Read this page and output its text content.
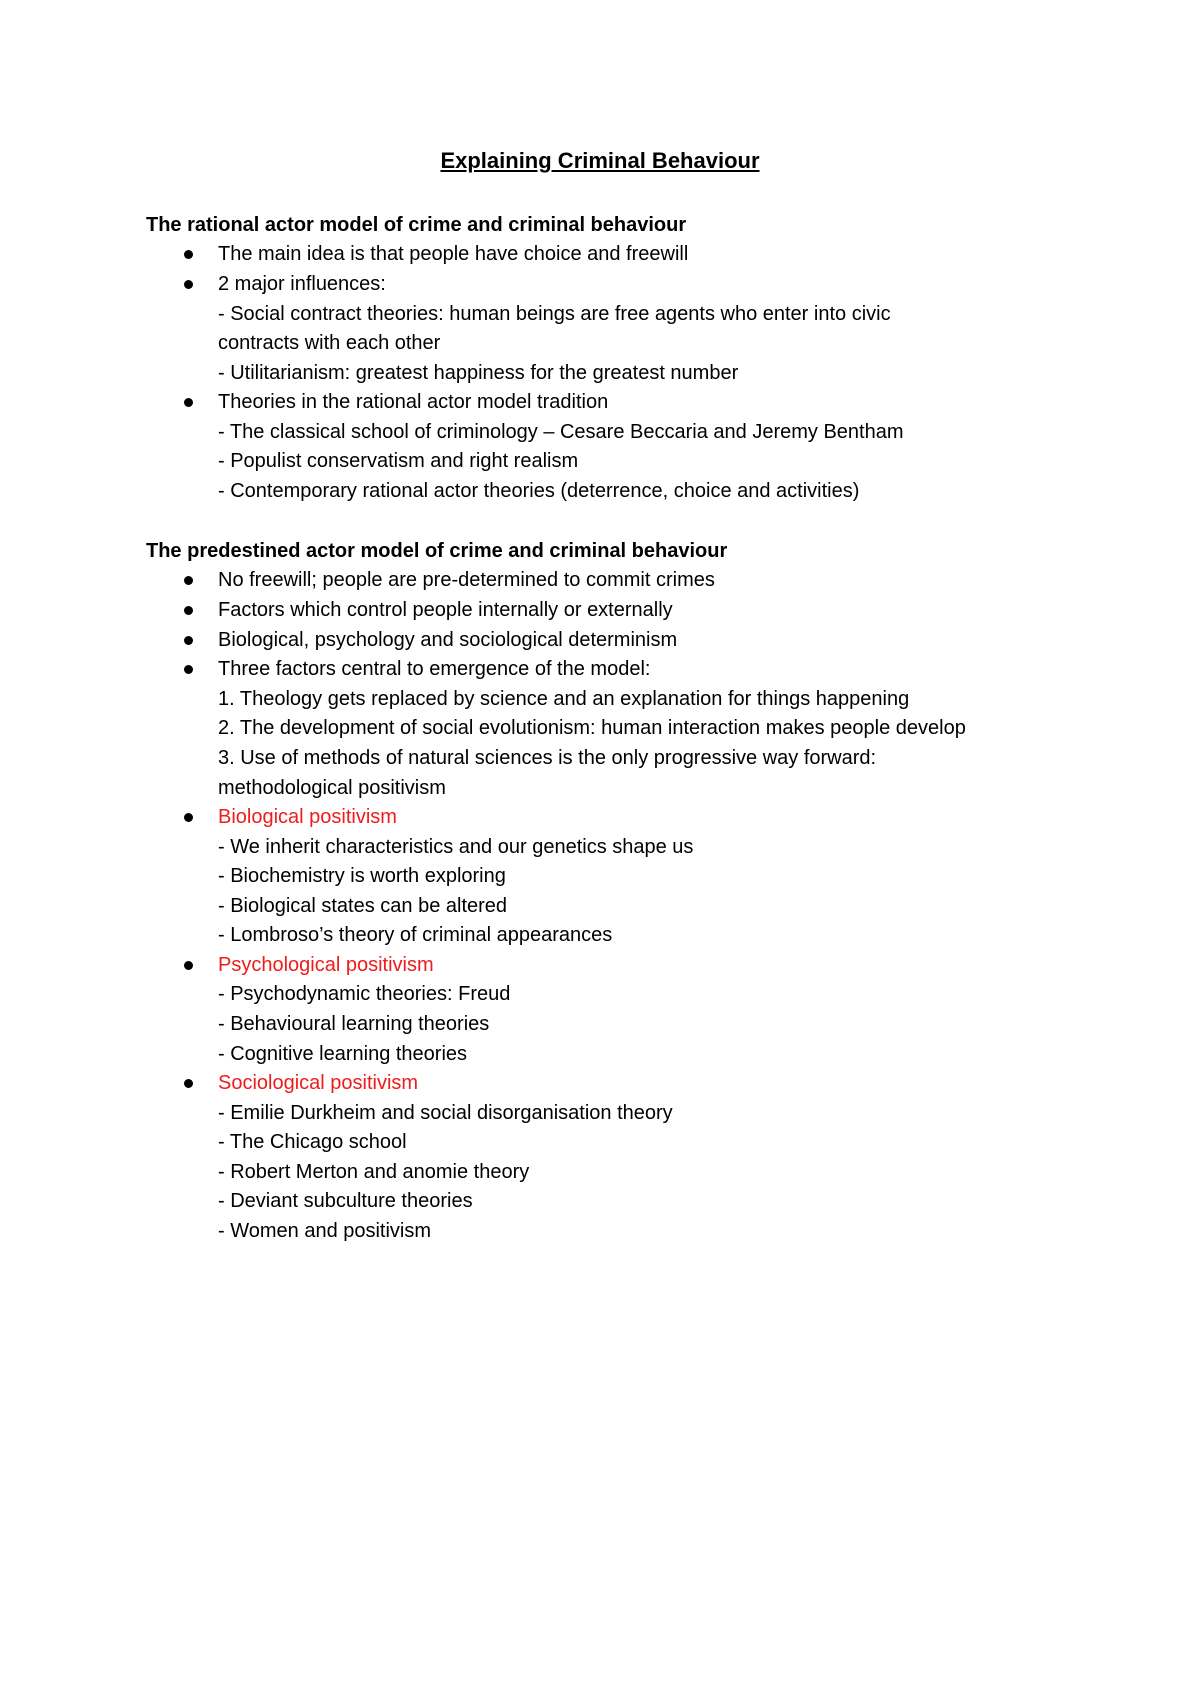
Explaining Criminal Behaviour
The rational actor model of crime and criminal behaviour
The main idea is that people have choice and freewill
2 major influences:
- Social contract theories: human beings are free agents who enter into civic
contracts with each other
- Utilitarianism: greatest happiness for the greatest number
Theories in the rational actor model tradition
- The classical school of criminology – Cesare Beccaria and Jeremy Bentham
- Populist conservatism and right realism
- Contemporary rational actor theories (deterrence, choice and activities)
The predestined actor model of crime and criminal behaviour
No freewill; people are pre-determined to commit crimes
Factors which control people internally or externally
Biological, psychology and sociological determinism
Three factors central to emergence of the model:
1. Theology gets replaced by science and an explanation for things happening
2. The development of social evolutionism: human interaction makes people develop
3. Use of methods of natural sciences is the only progressive way forward:
methodological positivism
Biological positivism
- We inherit characteristics and our genetics shape us
- Biochemistry is worth exploring
- Biological states can be altered
- Lombroso’s theory of criminal appearances
Psychological positivism
- Psychodynamic theories: Freud
- Behavioural learning theories
- Cognitive learning theories
Sociological positivism
- Emilie Durkheim and social disorganisation theory
- The Chicago school
- Robert Merton and anomie theory
- Deviant subculture theories
- Women and positivism
